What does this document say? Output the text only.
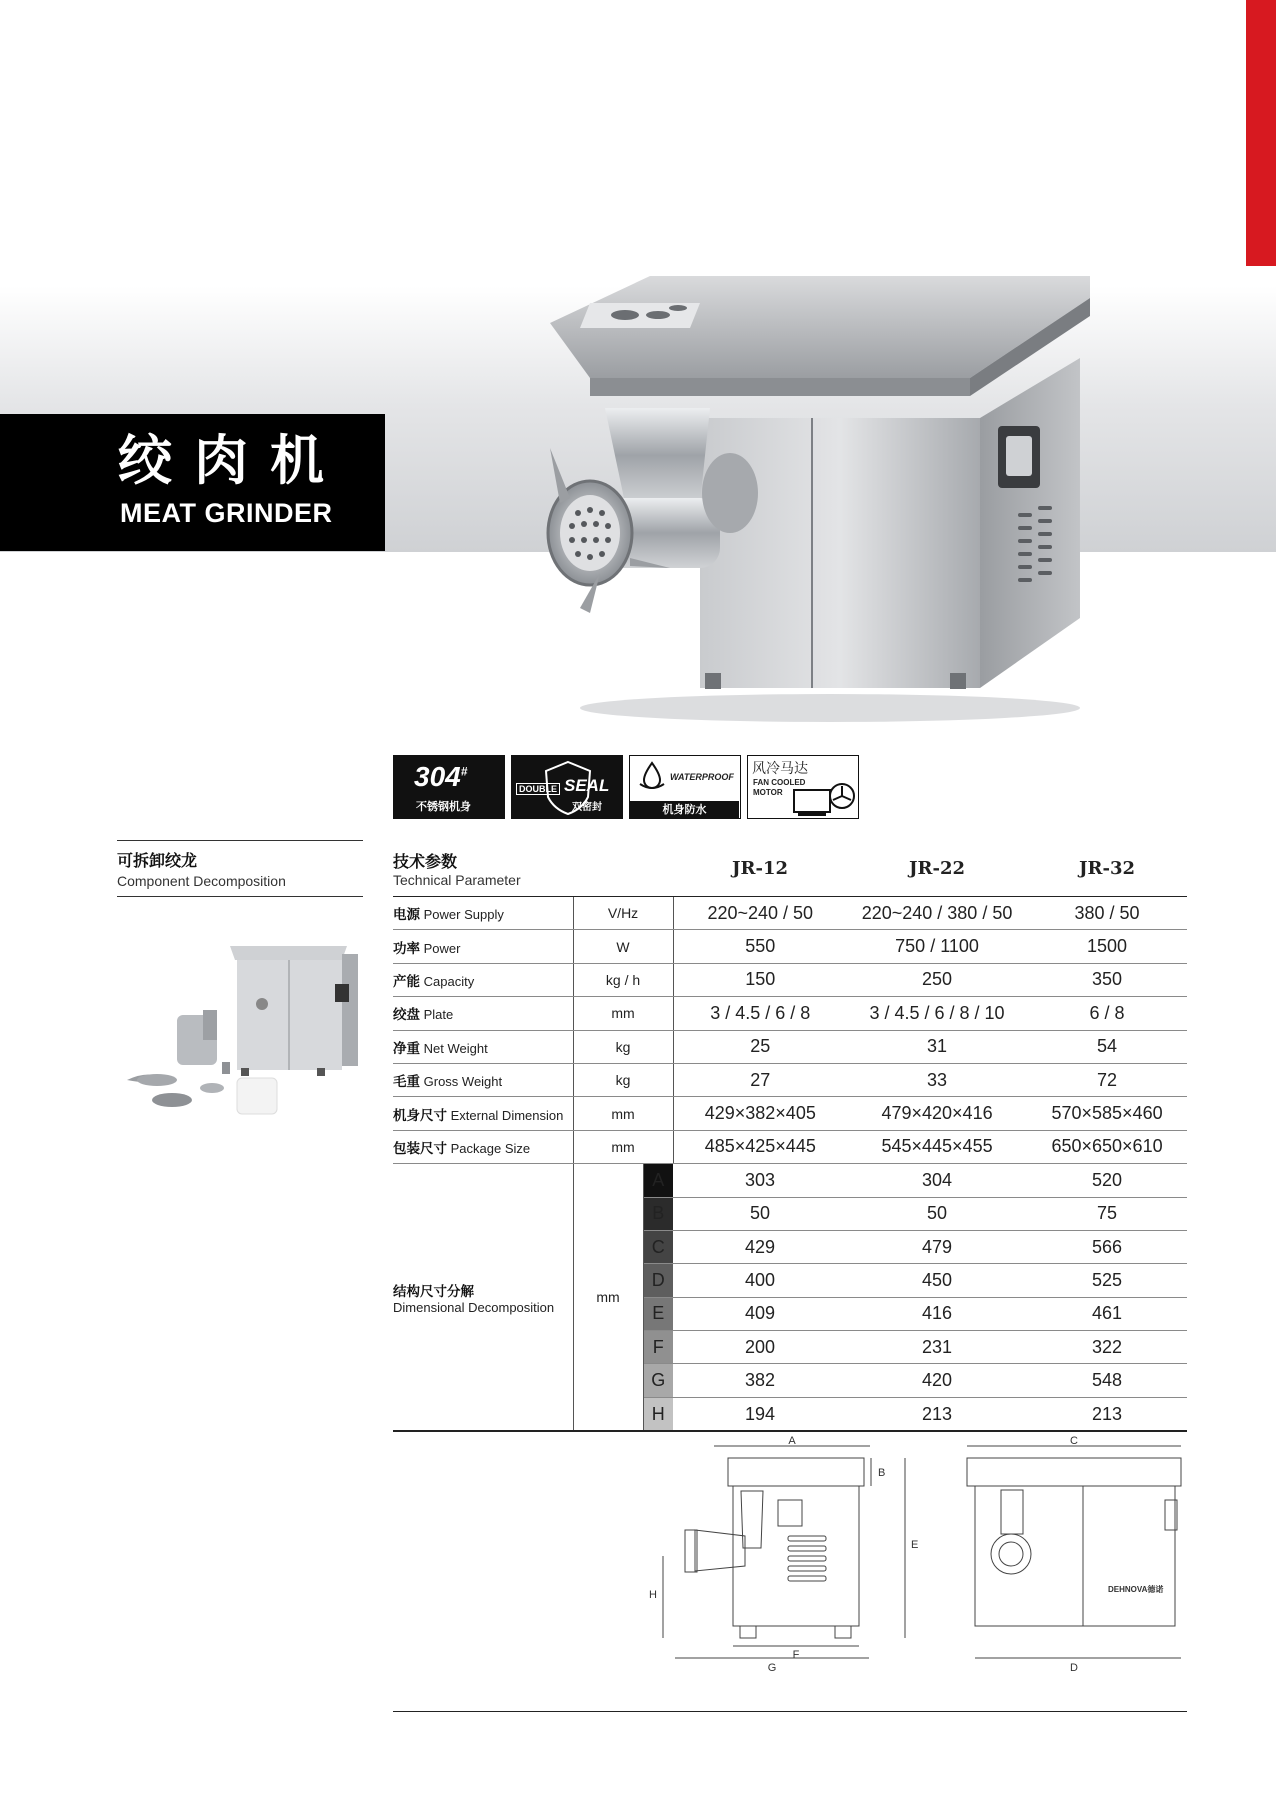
绞肉机
MEAT GRINDER
304#
不锈钢机身
DOUBLE SEAL
双密封
WATERPROOF
机身防水
风冷马达
FAN COOLED
MOTOR
可拆卸绞龙
Component Decomposition
技术参数
Technical Parameter			JR-12	JR-22	JR-32
电源 Power Supply	V/Hz		220~240 / 50	220~240 / 380 / 50	380 / 50
功率 Power	W		550	750 / 1100	1500
产能 Capacity	kg / h		150	250	350
绞盘 Plate	mm		3 / 4.5 / 6 / 8	3 / 4.5 / 6 / 8 / 10	6 / 8
净重 Net Weight	kg		25	31	54
毛重 Gross Weight	kg		27	33	72
机身尺寸 External Dimension	mm		429×382×405	479×420×416	570×585×460
包装尺寸 Package Size	mm		485×425×445	545×445×455	650×650×610

结构尺寸分解
Dimensional Decomposition	mm	A	303	304	520
		B	50	50	75
		C	429	479	566
		D	400	450	525
		E	409	416	461
		F	200	231	322
		G	382	420	548
		H	194	213	213
A
B
E
F
G
H
C
D
DEHNOVA德诺
